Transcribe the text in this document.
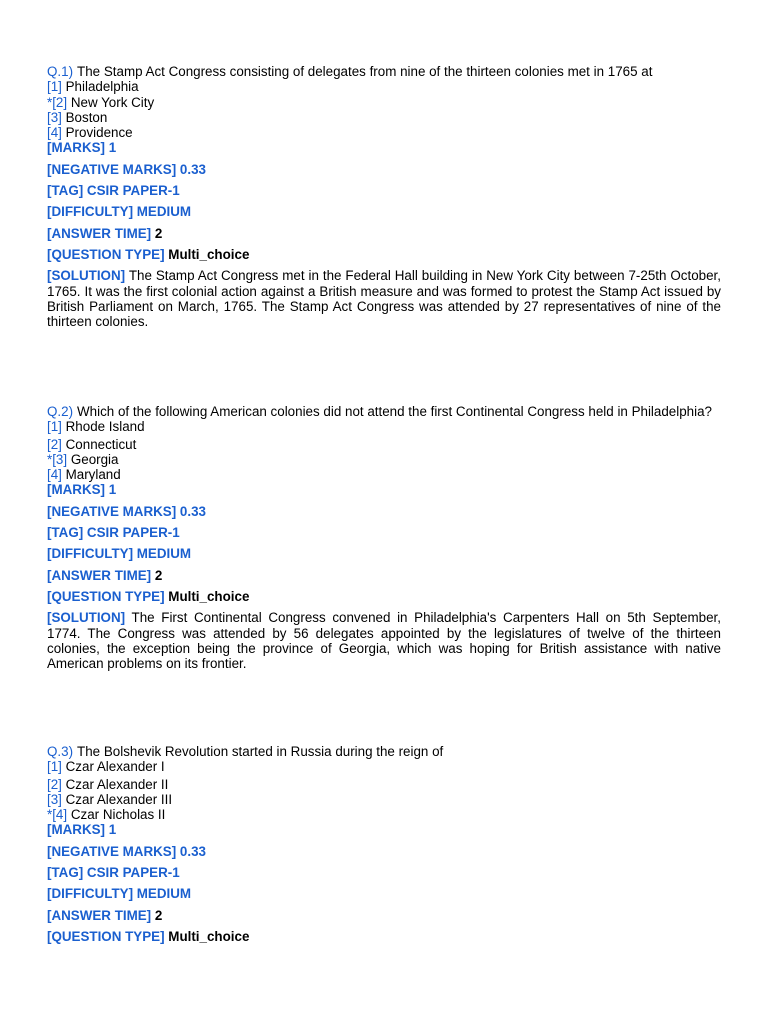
Q.1) The Stamp Act Congress consisting of delegates from nine of the thirteen colonies met in 1765 at
[1] Philadelphia
*[2] New York City
[3] Boston
[4] Providence
[MARKS] 1
[NEGATIVE MARKS] 0.33
[TAG] CSIR PAPER-1
[DIFFICULTY] MEDIUM
[ANSWER TIME] 2
[QUESTION TYPE] Multi_choice
[SOLUTION] The Stamp Act Congress met in the Federal Hall building in New York City between 7-25th October, 1765. It was the first colonial action against a British measure and was formed to protest the Stamp Act issued by British Parliament on March, 1765. The Stamp Act Congress was attended by 27 representatives of nine of the thirteen colonies.
Q.2) Which of the following American colonies did not attend the first Continental Congress held in Philadelphia?
[1] Rhode Island
[2] Connecticut
*[3] Georgia
[4] Maryland
[MARKS] 1
[NEGATIVE MARKS] 0.33
[TAG] CSIR PAPER-1
[DIFFICULTY] MEDIUM
[ANSWER TIME] 2
[QUESTION TYPE] Multi_choice
[SOLUTION] The First Continental Congress convened in Philadelphia's Carpenters Hall on 5th September, 1774. The Congress was attended by 56 delegates appointed by the legislatures of twelve of the thirteen colonies, the exception being the province of Georgia, which was hoping for British assistance with native American problems on its frontier.
Q.3) The Bolshevik Revolution started in Russia during the reign of
[1] Czar Alexander I
[2] Czar Alexander II
[3] Czar Alexander III
*[4] Czar Nicholas II
[MARKS] 1
[NEGATIVE MARKS] 0.33
[TAG] CSIR PAPER-1
[DIFFICULTY] MEDIUM
[ANSWER TIME] 2
[QUESTION TYPE] Multi_choice
